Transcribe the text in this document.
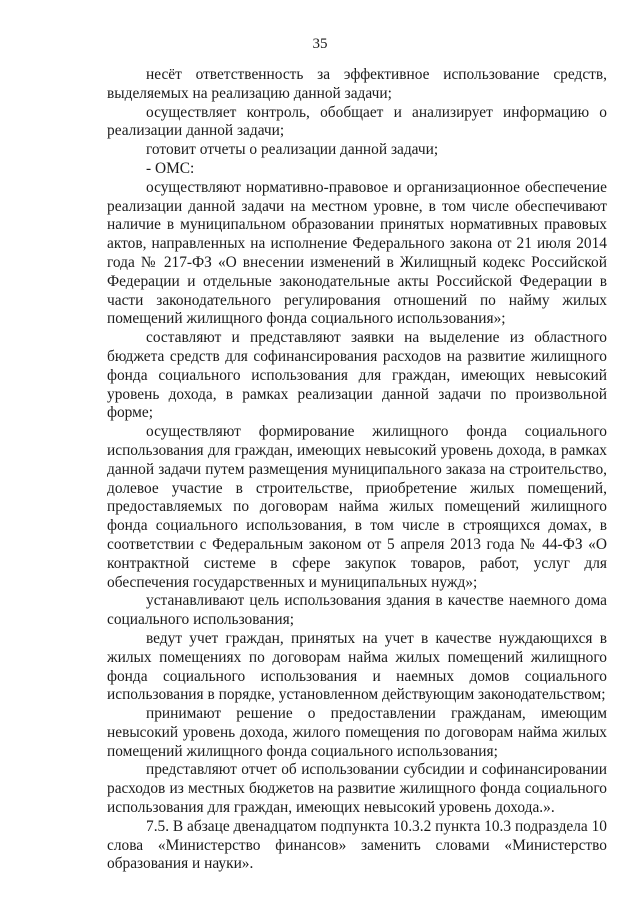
35

несёт ответственность за эффективное использование средств, выделяемых на реализацию данной задачи;

осуществляет контроль, обобщает и анализирует информацию о реализации данной задачи;

готовит отчеты о реализации данной задачи;

- ОМС:

осуществляют нормативно-правовое и организационное обеспечение реализации данной задачи на местном уровне, в том числе обеспечивают наличие в муниципальном образовании принятых нормативных правовых актов, направленных на исполнение Федерального закона от 21 июля 2014 года № 217-ФЗ «О внесении изменений в Жилищный кодекс Российской Федерации и отдельные законодательные акты Российской Федерации в части законодательного регулирования отношений по найму жилых помещений жилищного фонда социального использования»;

составляют и представляют заявки на выделение из областного бюджета средств для софинансирования расходов на развитие жилищного фонда социального использования для граждан, имеющих невысокий уровень дохода, в рамках реализации данной задачи по произвольной форме;

осуществляют формирование жилищного фонда социального использования для граждан, имеющих невысокий уровень дохода, в рамках данной задачи путем размещения муниципального заказа на строительство, долевое участие в строительстве, приобретение жилых помещений, предоставляемых по договорам найма жилых помещений жилищного фонда социального использования, в том числе в строящихся домах, в соответствии с Федеральным законом от 5 апреля 2013 года № 44-ФЗ «О контрактной системе в сфере закупок товаров, работ, услуг для обеспечения государственных и муниципальных нужд»;

устанавливают цель использования здания в качестве наемного дома социального использования;

ведут учет граждан, принятых на учет в качестве нуждающихся в жилых помещениях по договорам найма жилых помещений жилищного фонда социального использования и наемных домов социального использования в порядке, установленном действующим законодательством;

принимают решение о предоставлении гражданам, имеющим невысокий уровень дохода, жилого помещения по договорам найма жилых помещений жилищного фонда социального использования;

представляют отчет об использовании субсидии и софинансировании расходов из местных бюджетов на развитие жилищного фонда социального использования для граждан, имеющих невысокий уровень дохода.».

7.5. В абзаце двенадцатом подпункта 10.3.2 пункта 10.3 подраздела 10 слова «Министерство финансов» заменить словами «Министерство образования и науки».
